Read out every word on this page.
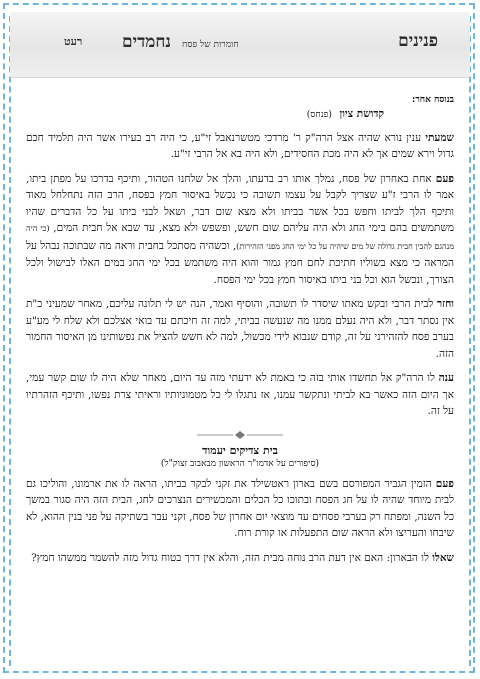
פנינים
חומרות של פסח נחמדים
רעט
בנוסח אחר:
קדושת ציון (פנחס)

שמעתי ענין נורא שהיה אצל הרה"ק ר' מרדכי מטשרנאבל זי"ע, כי היה רב בעירו אשר היה תלמיד חכם גדול וירא שמים אך לא היה מכת החסידים, ולא היה בא אל הרבי זי"ע.

פעם אחת באחרון של פסח, נמלך אותו רב בדעתו, והלך אל שלחנו הטהור, ותיכף בדרכו על מפתן ביתו, אמר לו הרבי ז"ע שצריך לקבל על עצמו תשובה כי נכשל באיסור חמץ בפסח, הרב הזה נתחלחל מאוד ותיכף הלך לביתו וחפש בכל אשר בביתו ולא מצא שום דבר, ושאל לבני ביתו על כל הדברים שהיו משתמשים בהם בימי החג ולא היה עליהם שום חשש, ופשפש ולא מצא, עד שבא אל חבית המים, (כי היה מנהגם להכין חבית גדולה של מים שיהיה על כל ימי החג מפני הזהירות), וכשהיה מסתכל בחבית וראה מה שבתוכה נבהל על המראה כי מצא בשוליו חתיכת לחם חמץ גמור והוא היה משתמש בכל ימי החג במים האלו לבישול ולכל הצורך, ונכשל הוא וכל בני ביתו באיסור חמץ בכל ימי הפסח.

וחזר לבית הרבי ובקש מאתו שיסדר לו תשובה, והוסיף ואמר, הנה יש לי תלונה עליכם, מאחר שמעיני כ"ת אין נסתר דבר, ולא היה נעלם ממנו מה שנעשה בביתי, למה זה חיכתם עד בואי אצלכם ולא שלח לי מע"ע בערב פסח להזהירני על זה, קודם שנבוא לידי מכשול, למה לא חשש להציל את נפשותינו מן האיסור החמור הזה.

ענה לו הרה"ק אל תחשדו אותי בזה כי באמת לא ידעתי מזה עד היום, מאחר שלא היה לו שום קשר עמי, אך היום הזה כאשר בא לביתי ונתקשר עמנו, אז נתגלו לי כל מטמוניותיו וראיתי צרת נפשו, ותיכף הזהרתיו על זה.

בית צדיקים יעמוד
(סיפורים על אדמו"ר הראשון מבאבוב זצוק"ל)

פעם הזמין הגביר המפורסם בשם בארון ראטשילד את זקני לבקר בביתו, הראה לו את ארמונו, והוליכו גם לבית מיוחד שהיה לו על חג הפסח ובתוכו כל הכלים והמכשירים הנצרכים לחג, הבית הזה היה סגור במשך כל השנה, ומפתח רק בערבי פסחים עד מוצאי יום אחרון של פסח, זקני עבר בשתיקה על פני בנין ההוא, לא שיבחו והעריצו ולא הראה שום התפעלות או קורת רוח.

שאלו לו הבארון: האם אין דעת הרב נוחה מבית הזה, והלא אין דרך בטוח גדול מזה להשמר ממשהו חמץ?
